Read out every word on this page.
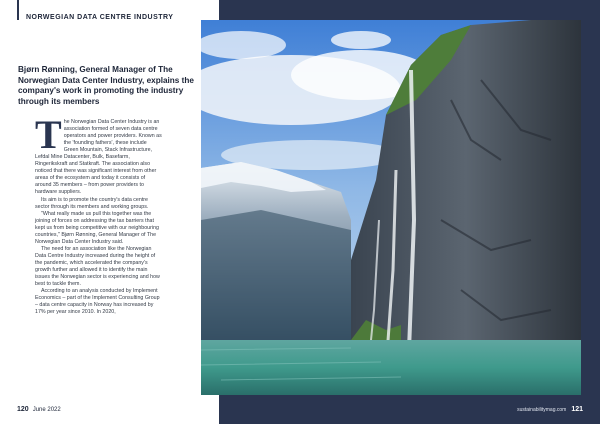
NORWEGIAN DATA CENTRE INDUSTRY
Bjørn Rønning, General Manager of The Norwegian Data Center Industry, explains the company's work in promoting the industry through its members

The Norwegian Data Center Industry is an association formed of seven data centre operators and power providers. Known as the 'founding fathers', these include Green Mountain, Stack Infrastructure, Lefdal Mine Datacenter, Bulk, Basefarm, Ringerikskraft and Statkraft. The association also noticed that there was significant interest from other areas of the ecosystem and today it consists of around 35 members – from power providers to hardware suppliers.

Its aim is to promote the country's data centre sector through its members and working groups.

"What really made us pull this together was the joining of forces on addressing the tax barriers that kept us from being competitive with our neighbouring countries," Bjørn Rønning, General Manager of The Norwegian Data Center Industry said.

The need for an association like the Norwegian Data Centre Industry increased during the height of the pandemic, which accelerated the company's growth further and allowed it to identify the main issues the Norwegian sector is experiencing and how best to tackle them.

According to an analysis conducted by Implement Economics – part of the Implement Consulting Group – data centre capacity in Norway has increased by 17% per year since 2010. In 2020,

120 June 2022	sustainabilitymag.com 121
